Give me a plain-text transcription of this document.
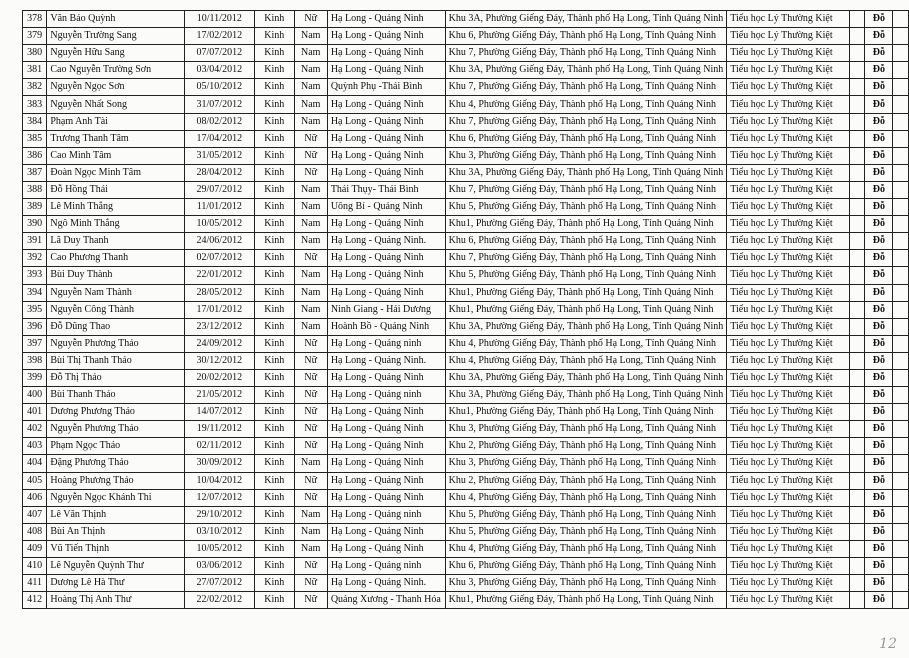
378	Văn Bảo Quỳnh	10/11/2012	Kinh	Nữ	Hạ Long - Quảng Ninh	Khu 3A, Phường Giếng Đáy, Thành phố Hạ Long, Tỉnh Quảng Ninh	Tiểu học Lý Thường Kiệt		Đỗ	
379	Nguyễn Trường Sang	17/02/2012	Kinh	Nam	Hạ Long - Quảng Ninh	Khu 6, Phường Giếng Đáy, Thành phố Hạ Long, Tỉnh Quảng Ninh	Tiểu học Lý Thường Kiệt		Đỗ	
380	Nguyễn Hữu Sang	07/07/2012	Kinh	Nam	Hạ Long - Quảng Ninh	Khu 7, Phường Giếng Đáy, Thành phố Hạ Long, Tỉnh Quảng Ninh	Tiểu học Lý Thường Kiệt		Đỗ	
381	Cao Nguyễn Trường Sơn	03/04/2012	Kinh	Nam	Hạ Long - Quảng Ninh	Khu 3A, Phường Giếng Đáy, Thành phố Hạ Long, Tỉnh Quảng Ninh	Tiểu học Lý Thường Kiệt		Đỗ	
382	Nguyễn Ngọc Sơn	05/10/2012	Kinh	Nam	Quỳnh Phụ -Thái Bình	Khu 7, Phường Giếng Đáy, Thành phố Hạ Long, Tỉnh Quảng Ninh	Tiểu học Lý Thường Kiệt		Đỗ	
383	Nguyễn Nhất Song	31/07/2012	Kinh	Nam	Hạ Long - Quảng Ninh	Khu 4, Phường Giếng Đáy, Thành phố Hạ Long, Tỉnh Quảng Ninh	Tiểu học Lý Thường Kiệt		Đỗ	
384	Phạm Anh Tài	08/02/2012	Kinh	Nam	Hạ Long - Quảng Ninh	Khu 7, Phường Giếng Đáy, Thành phố Hạ Long, Tỉnh Quảng Ninh	Tiểu học Lý Thường Kiệt		Đỗ	
385	Trương Thanh Tâm	17/04/2012	Kinh	Nữ	Hạ Long - Quảng Ninh	Khu 6, Phường Giếng Đáy, Thành phố Hạ Long, Tỉnh Quảng Ninh	Tiểu học Lý Thường Kiệt		Đỗ	
386	Cao Minh Tâm	31/05/2012	Kinh	Nữ	Hạ Long - Quảng Ninh	Khu 3, Phường Giếng Đáy, Thành phố Hạ Long, Tỉnh Quảng Ninh	Tiểu học Lý Thường Kiệt		Đỗ	
387	Đoàn Ngọc Minh Tâm	28/04/2012	Kinh	Nữ	Hạ Long - Quảng Ninh	Khu 3A, Phường Giếng Đáy, Thành phố Hạ Long, Tỉnh Quảng Ninh	Tiểu học Lý Thường Kiệt		Đỗ	
388	Đỗ Hồng Thái	29/07/2012	Kinh	Nam	Thái Thụy- Thái Bình	Khu 7, Phường Giếng Đáy, Thành phố Hạ Long, Tỉnh Quảng Ninh	Tiểu học Lý Thường Kiệt		Đỗ	
389	Lê Minh Thắng	11/01/2012	Kinh	Nam	Uông Bí - Quảng Ninh	Khu 5, Phường Giếng Đáy, Thành phố Hạ Long, Tỉnh Quảng Ninh	Tiểu học Lý Thường Kiệt		Đỗ	
390	Ngô Minh Thắng	10/05/2012	Kinh	Nam	Hạ Long - Quảng Ninh	Khu1, Phường Giếng Đáy, Thành phố Hạ Long, Tỉnh Quảng Ninh	Tiểu học Lý Thường Kiệt		Đỗ	
391	Lã Duy Thanh	24/06/2012	Kinh	Nam	Hạ Long - Quảng Ninh.	Khu 6, Phường Giếng Đáy, Thành phố Hạ Long, Tỉnh Quảng Ninh	Tiểu học Lý Thường Kiệt		Đỗ	
392	Cao Phương Thanh	02/07/2012	Kinh	Nữ	Hạ Long - Quảng Ninh	Khu 7, Phường Giếng Đáy, Thành phố Hạ Long, Tỉnh Quảng Ninh	Tiểu học Lý Thường Kiệt		Đỗ	
393	Bùi Duy Thành	22/01/2012	Kinh	Nam	Hạ Long - Quảng Ninh	Khu 5, Phường Giếng Đáy, Thành phố Hạ Long, Tỉnh Quảng Ninh	Tiểu học Lý Thường Kiệt		Đỗ	
394	Nguyễn Nam Thành	28/05/2012	Kinh	Nam	Hạ Long - Quảng Ninh	Khu1, Phường Giếng Đáy, Thành phố Hạ Long, Tỉnh Quảng Ninh	Tiểu học Lý Thường Kiệt		Đỗ	
395	Nguyễn Công Thành	17/01/2012	Kinh	Nam	Ninh Giang - Hải Dương	Khu1, Phường Giếng Đáy, Thành phố Hạ Long, Tỉnh Quảng Ninh	Tiểu học Lý Thường Kiệt		Đỗ	
396	Đỗ Dũng Thao	23/12/2012	Kinh	Nam	Hoành Bồ - Quảng Ninh	Khu 3A, Phường Giếng Đáy, Thành phố Hạ Long, Tỉnh Quảng Ninh	Tiểu học Lý Thường Kiệt		Đỗ	
397	Nguyễn Phương Thảo	24/09/2012	Kinh	Nữ	Hạ Long - Quảng ninh	Khu 4, Phường Giếng Đáy, Thành phố Hạ Long, Tỉnh Quảng Ninh	Tiểu học Lý Thường Kiệt		Đỗ	
398	Bùi Thị Thanh Thảo	30/12/2012	Kinh	Nữ	Hạ Long - Quảng Ninh.	Khu 4, Phường Giếng Đáy, Thành phố Hạ Long, Tỉnh Quảng Ninh	Tiểu học Lý Thường Kiệt		Đỗ	
399	Đỗ Thị Thảo	20/02/2012	Kinh	Nữ	Hạ Long - Quảng Ninh	Khu 3A, Phường Giếng Đáy, Thành phố Hạ Long, Tỉnh Quảng Ninh	Tiểu học Lý Thường Kiệt		Đỗ	
400	Bùi Thanh Thảo	21/05/2012	Kinh	Nữ	Hạ Long - Quảng ninh	Khu 3A, Phường Giếng Đáy, Thành phố Hạ Long, Tỉnh Quảng Ninh	Tiểu học Lý Thường Kiệt		Đỗ	
401	Dương Phương Thảo	14/07/2012	Kinh	Nữ	Hạ Long - Quảng Ninh	Khu1, Phường Giếng Đáy, Thành phố Hạ Long, Tỉnh Quảng Ninh	Tiểu học Lý Thường Kiệt		Đỗ	
402	Nguyễn Phương Thảo	19/11/2012	Kinh	Nữ	Hạ Long - Quảng Ninh	Khu 3, Phường Giếng Đáy, Thành phố Hạ Long, Tỉnh Quảng Ninh	Tiểu học Lý Thường Kiệt		Đỗ	
403	Phạm Ngọc Thảo	02/11/2012	Kinh	Nữ	Hạ Long - Quảng Ninh	Khu 2, Phường Giếng Đáy, Thành phố Hạ Long, Tỉnh Quảng Ninh	Tiểu học Lý Thường Kiệt		Đỗ	
404	Đặng Phương Thảo	30/09/2012	Kinh	Nam	Hạ Long - Quảng Ninh	Khu 3, Phường Giếng Đáy, Thành phố Hạ Long, Tỉnh Quảng Ninh	Tiểu học Lý Thường Kiệt		Đỗ	
405	Hoàng Phương Thảo	10/04/2012	Kinh	Nữ	Hạ Long - Quảng Ninh	Khu 2, Phường Giếng Đáy, Thành phố Hạ Long, Tỉnh Quảng Ninh	Tiểu học Lý Thường Kiệt		Đỗ	
406	Nguyễn Ngọc Khánh Thi	12/07/2012	Kinh	Nữ	Hạ Long - Quảng Ninh	Khu 4, Phường Giếng Đáy, Thành phố Hạ Long, Tỉnh Quảng Ninh	Tiểu học Lý Thường Kiệt		Đỗ	
407	Lê Văn Thịnh	29/10/2012	Kinh	Nam	Hạ Long - Quảng ninh	Khu 5, Phường Giếng Đáy, Thành phố Hạ Long, Tỉnh Quảng Ninh	Tiểu học Lý Thường Kiệt		Đỗ	
408	Bùi An Thịnh	03/10/2012	Kinh	Nam	Hạ Long - Quảng Ninh	Khu 5, Phường Giếng Đáy, Thành phố Hạ Long, Tỉnh Quảng Ninh	Tiểu học Lý Thường Kiệt		Đỗ	
409	Vũ Tiến Thịnh	10/05/2012	Kinh	Nam	Hạ Long - Quảng Ninh	Khu 4, Phường Giếng Đáy, Thành phố Hạ Long, Tỉnh Quảng Ninh	Tiểu học Lý Thường Kiệt		Đỗ	
410	Lê Nguyễn Quỳnh Thư	03/06/2012	Kinh	Nữ	Hạ Long - Quảng ninh	Khu 6, Phường Giếng Đáy, Thành phố Hạ Long, Tỉnh Quảng Ninh	Tiểu học Lý Thường Kiệt		Đỗ	
411	Dương Lê Hà Thư	27/07/2012	Kinh	Nữ	Hạ Long - Quảng Ninh.	Khu 3, Phường Giếng Đáy, Thành phố Hạ Long, Tỉnh Quảng Ninh	Tiểu học Lý Thường Kiệt		Đỗ	
412	Hoàng Thị Anh Thư	22/02/2012	Kinh	Nữ	Quảng Xương - Thanh Hóa	Khu1, Phường Giếng Đáy, Thành phố Hạ Long, Tỉnh Quảng Ninh	Tiểu học Lý Thường Kiệt		Đỗ	
12
